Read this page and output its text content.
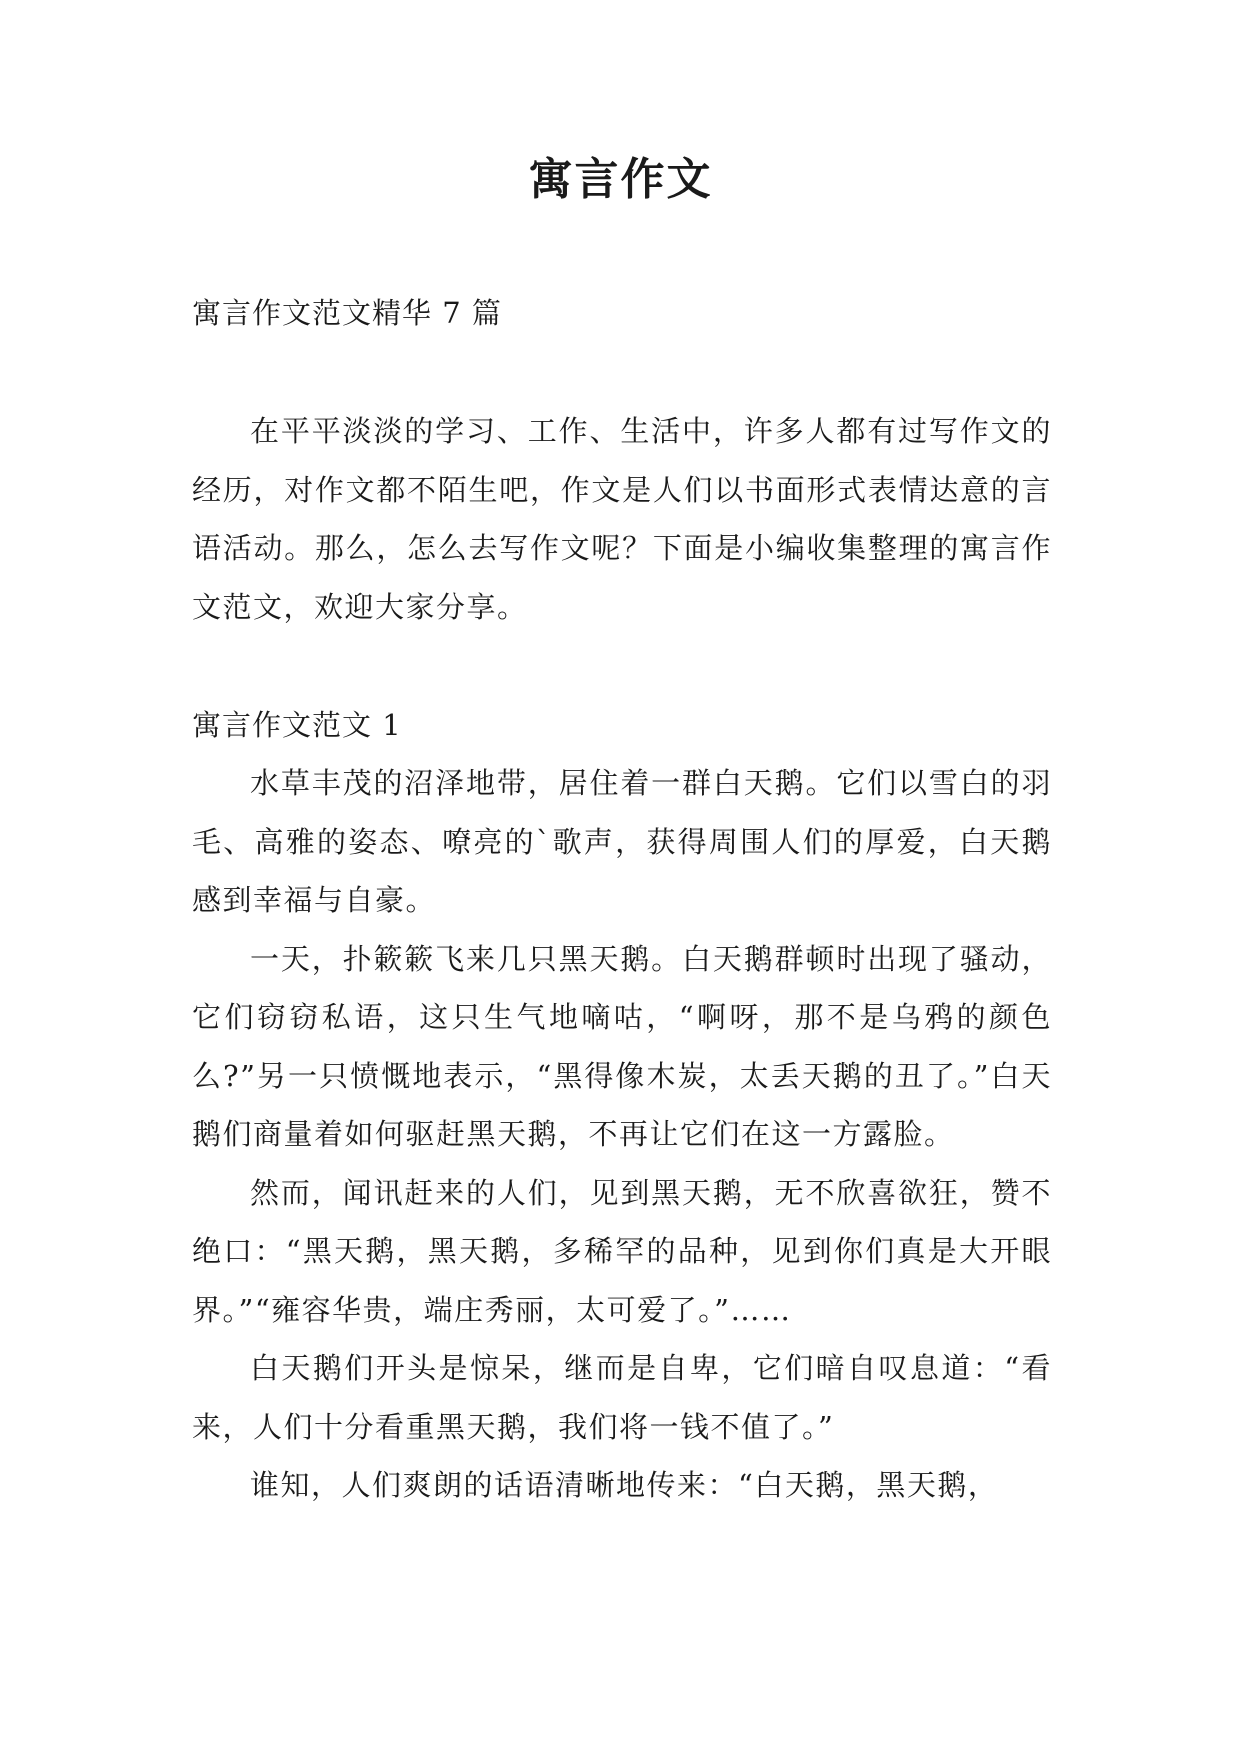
寓言作文

寓言作文范文精华 7 篇

在平平淡淡的学习、工作、生活中，许多人都有过写作文的经历，对作文都不陌生吧，作文是人们以书面形式表情达意的言语活动。那么，怎么去写作文呢？下面是小编收集整理的寓言作文范文，欢迎大家分享。

寓言作文范文 1

水草丰茂的沼泽地带，居住着一群白天鹅。它们以雪白的羽毛、高雅的姿态、嘹亮的`歌声，获得周围人们的厚爱，白天鹅感到幸福与自豪。

一天，扑簌簌飞来几只黑天鹅。白天鹅群顿时出现了骚动，它们窃窃私语，这只生气地嘀咕，“啊呀，那不是乌鸦的颜色么?”另一只愤慨地表示，“黑得像木炭，太丢天鹅的丑了。”白天鹅们商量着如何驱赶黑天鹅，不再让它们在这一方露脸。

然而，闻讯赶来的人们，见到黑天鹅，无不欣喜欲狂，赞不绝口：“黑天鹅，黑天鹅，多稀罕的品种，见到你们真是大开眼界。”“雍容华贵，端庄秀丽，太可爱了。”……

白天鹅们开头是惊呆，继而是自卑，它们暗自叹息道：“看来，人们十分看重黑天鹅，我们将一钱不值了。”

谁知，人们爽朗的话语清晰地传来：“白天鹅，黑天鹅，
